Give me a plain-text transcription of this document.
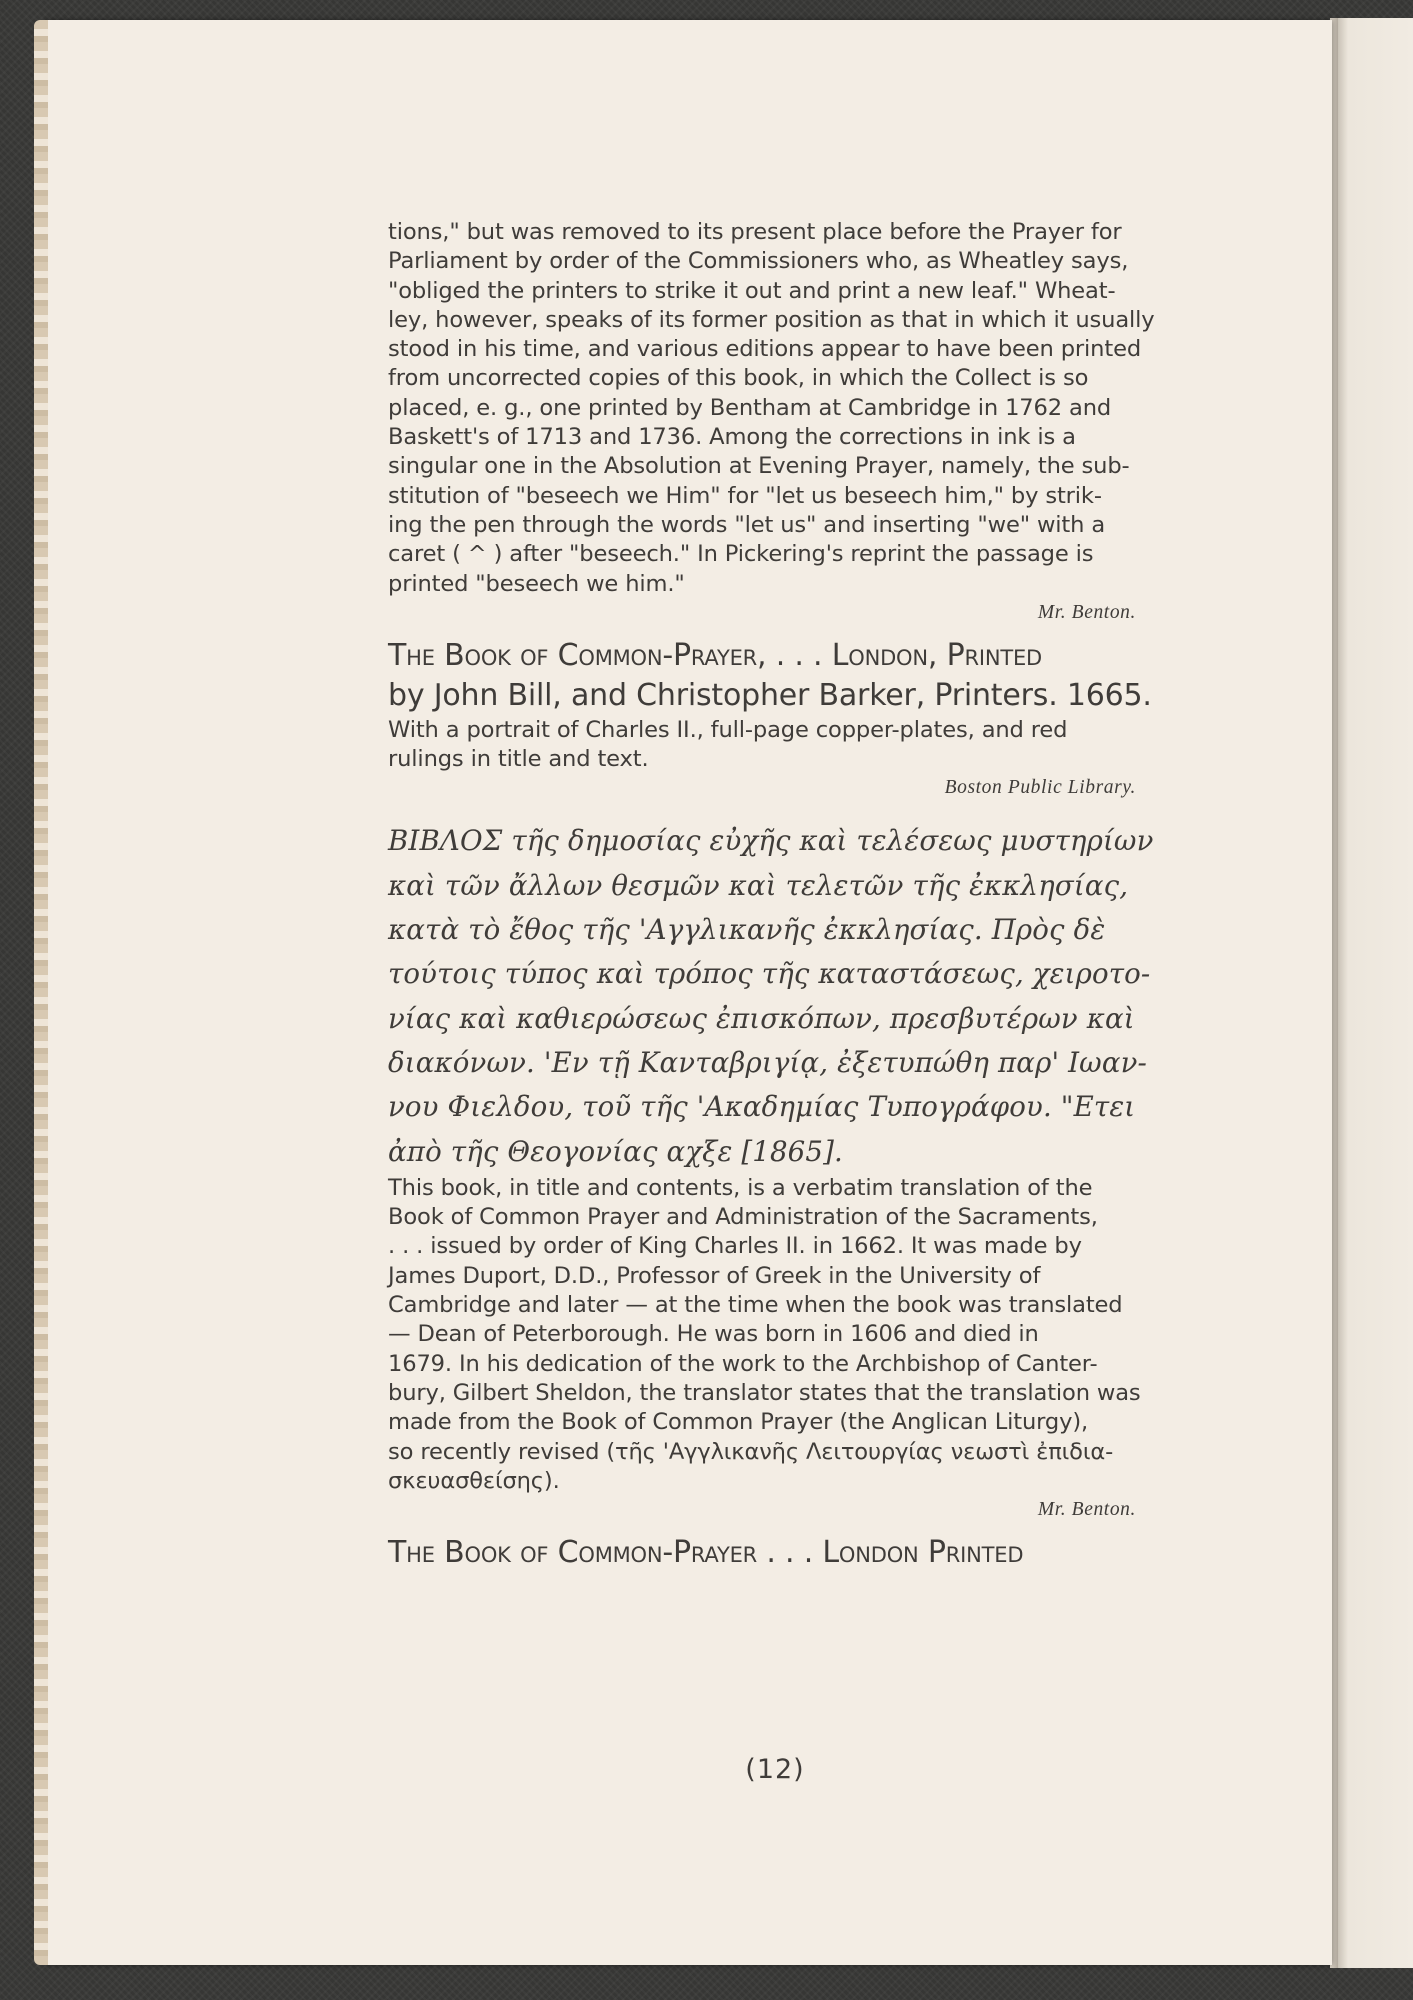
tions," but was removed to its present place before the Prayer for
Parliament by order of the Commissioners who, as Wheatley says,
"obliged the printers to strike it out and print a new leaf." Wheat-
ley, however, speaks of its former position as that in which it usually
stood in his time, and various editions appear to have been printed
from uncorrected copies of this book, in which the Collect is so
placed, e. g., one printed by Bentham at Cambridge in 1762 and
Baskett's of 1713 and 1736. Among the corrections in ink is a
singular one in the Absolution at Evening Prayer, namely, the sub-
stitution of "beseech we Him" for "let us beseech him," by strik-
ing the pen through the words "let us" and inserting "we" with a
caret ( ^ ) after "beseech." In Pickering's reprint the passage is
printed "beseech we him."

Mr. Benton.

The Book of Common-Prayer, . . . London, Printed
by John Bill, and Christopher Barker, Printers. 1665.

With a portrait of Charles II., full-page copper-plates, and red
rulings in title and text.

Boston Public Library.

ΒΙΒΛΟΣ τῆς δημοσίας εὐχῆς καὶ τελέσεως μυστηρίων
καὶ τῶν ἄλλων θεσμῶν καὶ τελετῶν τῆς ἐκκλησίας,
κατὰ τὸ ἔθος τῆς 'Αγγλικανῆς ἐκκλησίας. Πρὸς δὲ
τούτοις τύπος καὶ τρόπος τῆς καταστάσεως, χειροτο-
νίας καὶ καθιερώσεως ἐπισκόπων, πρεσβυτέρων καὶ
διακόνων. 'Εν τῇ Κανταβριγίᾳ, ἐξετυπώθη παρ' Ιωαν-
νου Φιελδου, τοῦ τῆς 'Ακαδημίας Τυπογράφου. "Ετει
ἀπὸ τῆς Θεογονίας αχξε [1865].

This book, in title and contents, is a verbatim translation of the
Book of Common Prayer and Administration of the Sacraments,
. . . issued by order of King Charles II. in 1662. It was made by
James Duport, D.D., Professor of Greek in the University of
Cambridge and later — at the time when the book was translated
— Dean of Peterborough. He was born in 1606 and died in
1679. In his dedication of the work to the Archbishop of Canter-
bury, Gilbert Sheldon, the translator states that the translation was
made from the Book of Common Prayer (the Anglican Liturgy),
so recently revised (τῆς 'Αγγλικανῆς Λειτουργίας νεωστὶ ἐπιδια-
σκευασθείσης).

Mr. Benton.

The Book of Common-Prayer . . . London Printed

(12)
